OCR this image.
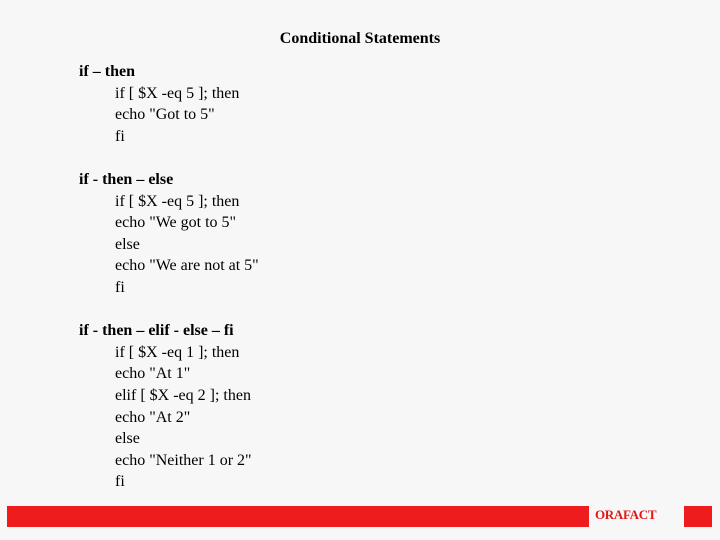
Conditional Statements
if – then
if [ $X -eq 5 ]; then
echo "Got to 5"
fi
if - then – else
if [ $X -eq 5 ]; then
echo "We got to 5"
else
echo "We are not at 5"
fi
if - then – elif - else – fi
if [ $X -eq 1 ]; then
echo "At 1"
elif [ $X -eq 2 ]; then
echo "At 2"
else
echo "Neither 1 or 2"
fi
ORAFACT
